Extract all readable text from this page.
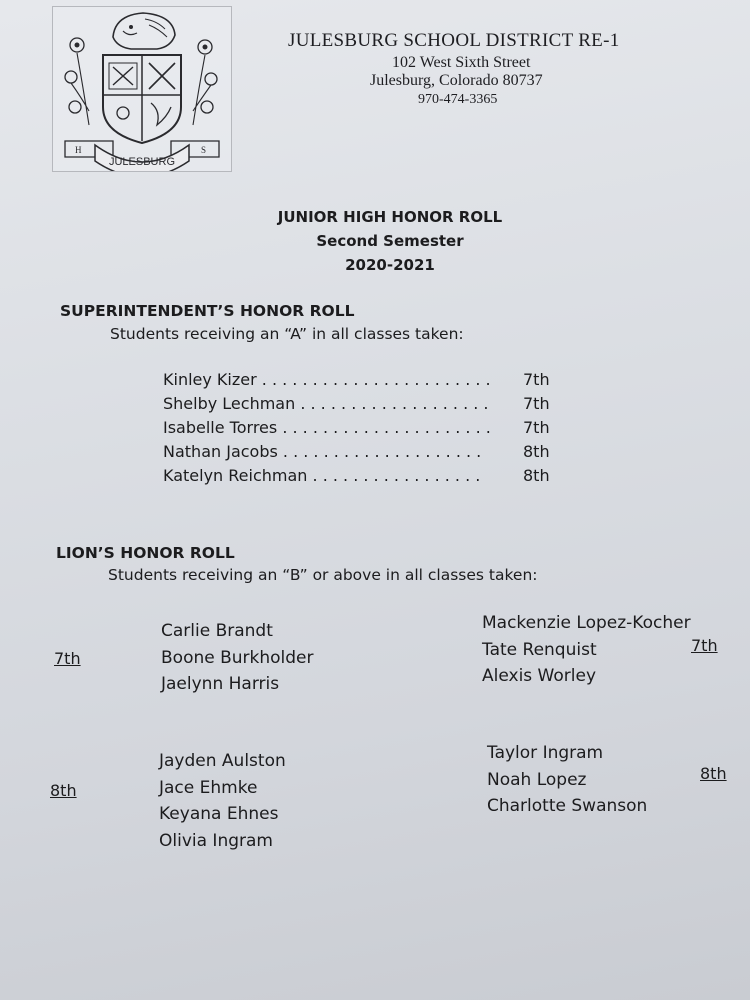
H	S
JULESBURG
JULESBURG SCHOOL DISTRICT RE-1
102 West Sixth Street
Julesburg, Colorado 80737
970-474-3365
JUNIOR HIGH HONOR ROLL
Second Semester
2020-2021
SUPERINTENDENT’S HONOR ROLL
Students receiving an “A” in all classes taken:
Kinley Kizer . . . . . . . . . . . . . . . . . . . . . . . 7th
Shelby Lechman . . . . . . . . . . . . . . . . . . . 7th
Isabelle Torres . . . . . . . . . . . . . . . . . . . . . 7th
Nathan Jacobs . . . . . . . . . . . . . . . . . . . .	8th
Katelyn Reichman . . . . . . . . . . . . . . . . .	8th
LION’S HONOR ROLL
Students receiving an “B” or above in all classes taken:
7th
Carlie Brandt
Boone Burkholder
Jaelynn Harris
Mackenzie Lopez-Kocher
Tate Renquist
Alexis Worley
7th
8th
Jayden Aulston
Jace Ehmke
Keyana Ehnes
Olivia Ingram
Taylor Ingram
Noah Lopez
Charlotte Swanson
8th
